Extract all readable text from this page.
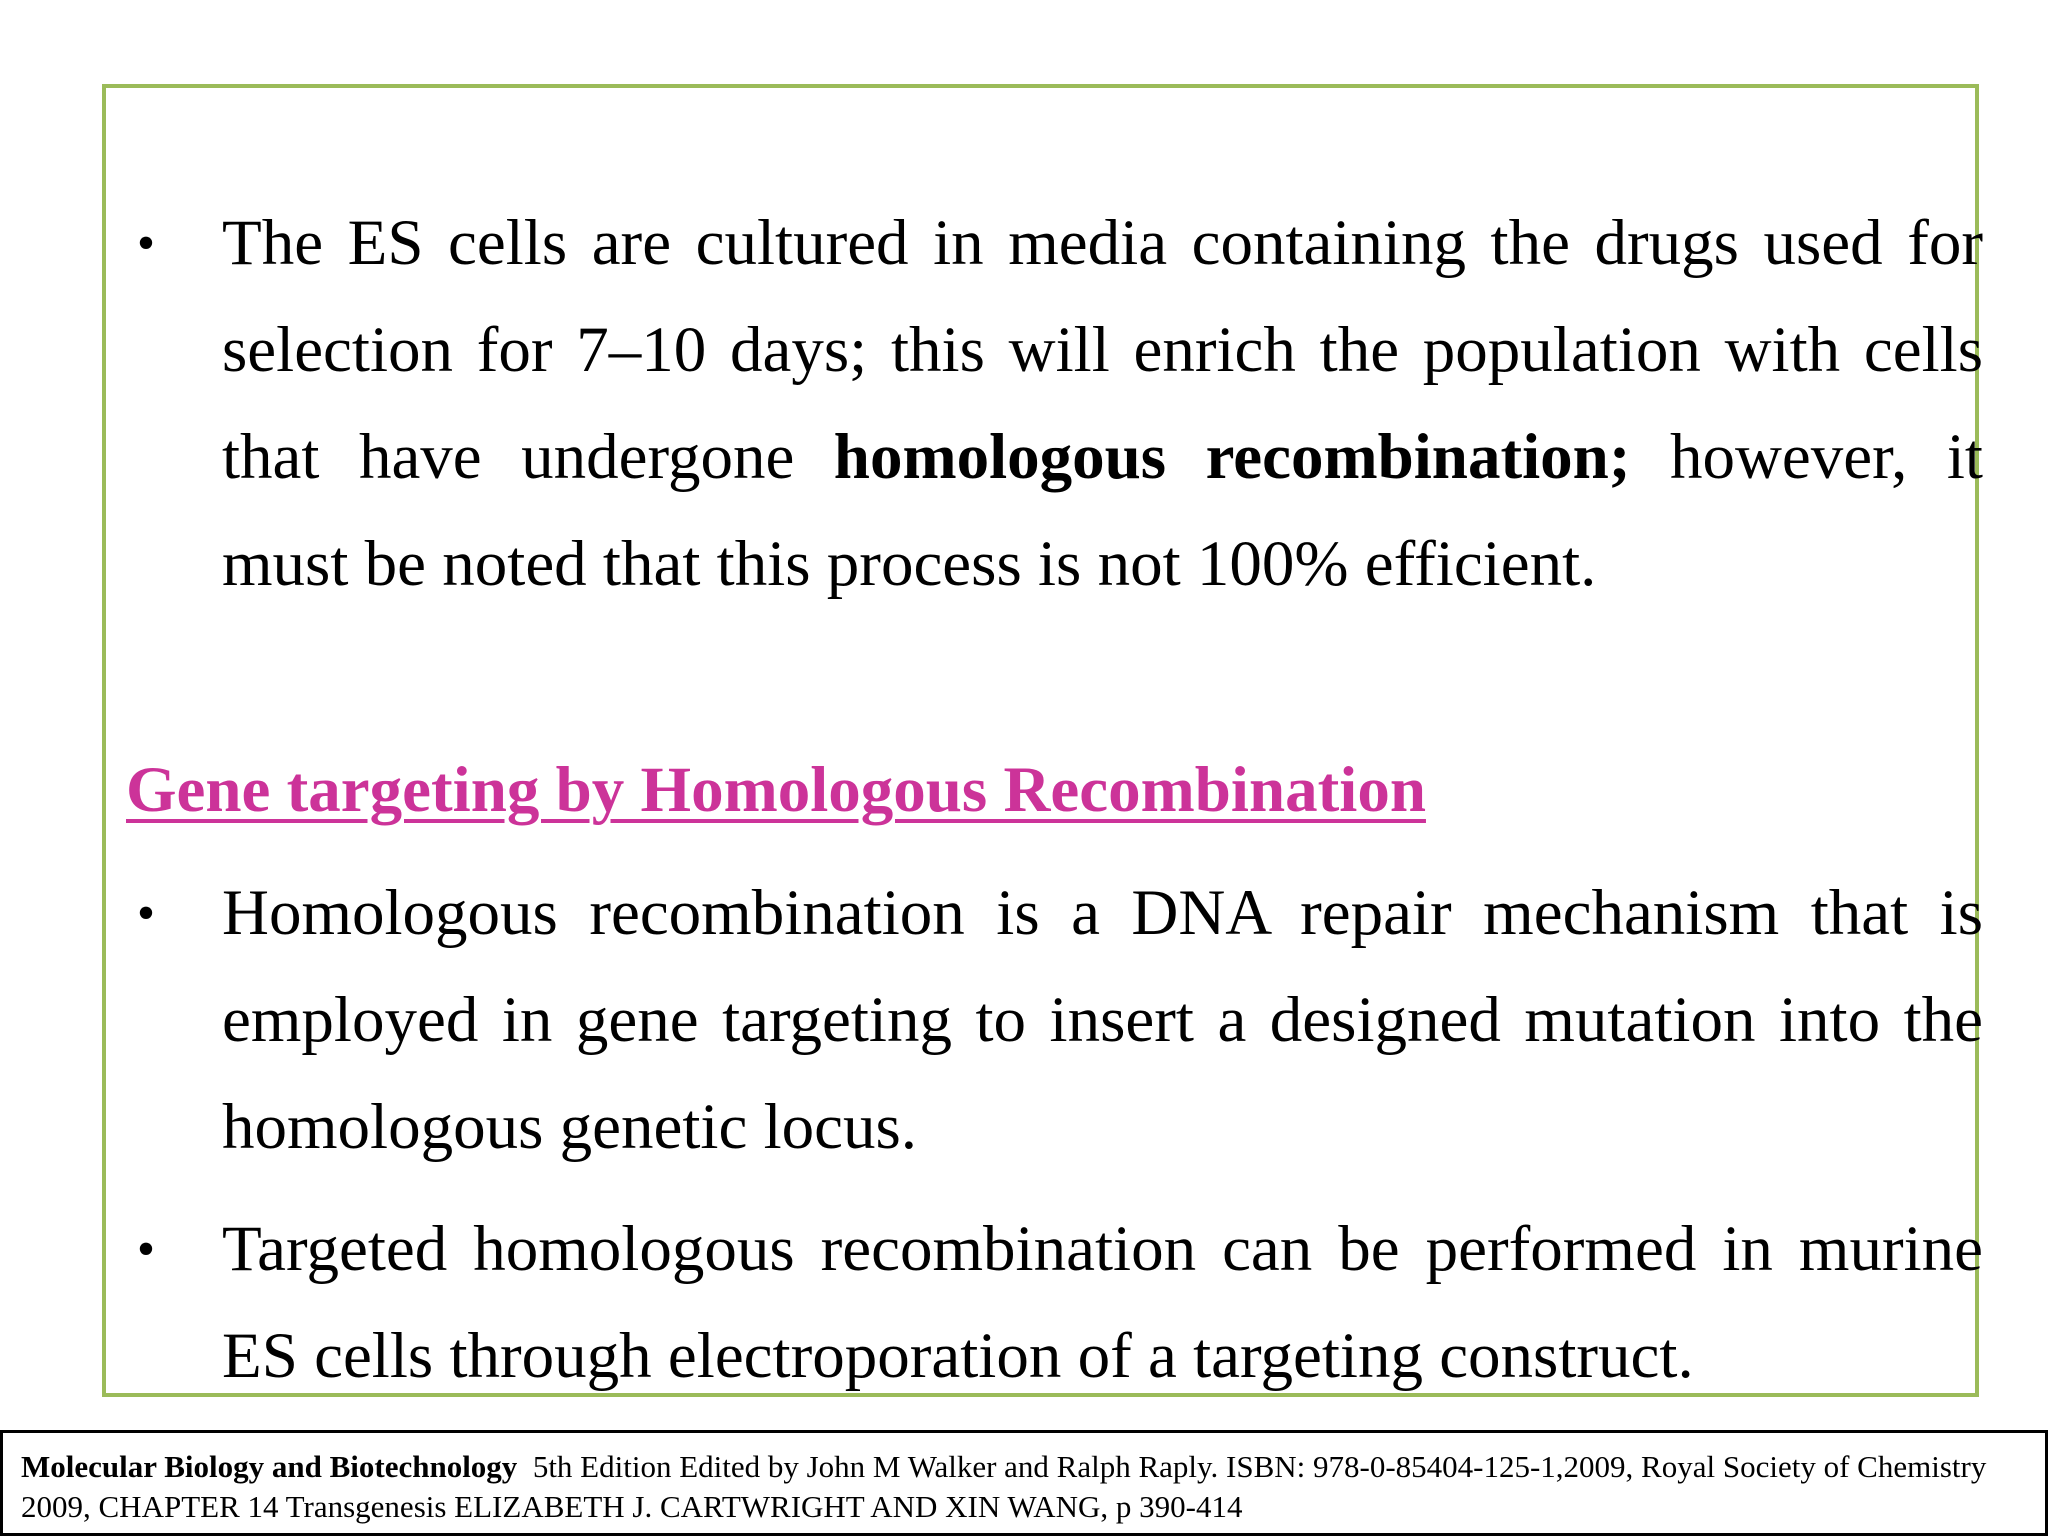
• The ES cells are cultured in media containing the drugs used for selection for 7–10 days; this will enrich the population with cells that have undergone homologous recombination; however, it must be noted that this process is not 100% efficient.
Gene targeting by Homologous Recombination
• Homologous recombination is a DNA repair mechanism that is employed in gene targeting to insert a designed mutation into the homologous genetic locus.
• Targeted homologous recombination can be performed in murine ES cells through electroporation of a targeting construct.
Molecular Biology and Biotechnology 5th Edition Edited by John M Walker and Ralph Raply. ISBN: 978-0-85404-125-1,2009, Royal Society of Chemistry 2009, CHAPTER 14 Transgenesis ELIZABETH J. CARTWRIGHT AND XIN WANG, p 390-414
